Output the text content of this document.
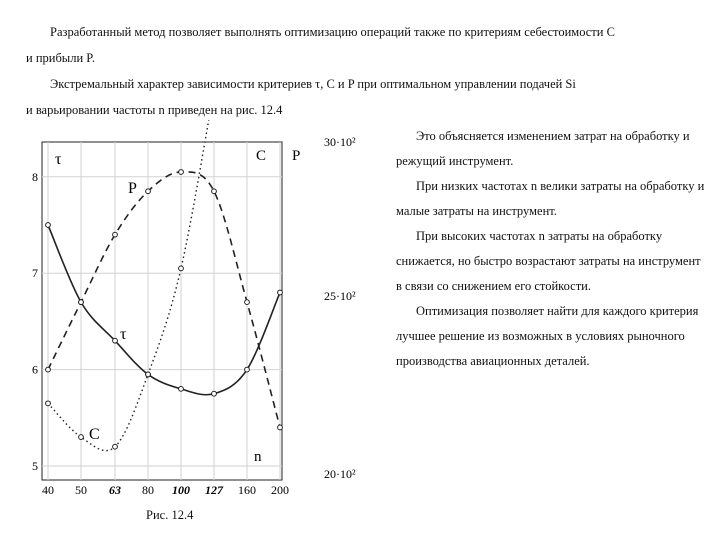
Разработанный метод позволяет выполнять оптимизацию операций также по критериям себестоимости C
и прибыли P.
Экстремальный характер зависимости критериев τ, C и P при оптимальном управлении подачей Si
и варьировании частоты n приведен на рис. 12.4
40 50 63 80 100 127 160 200
5
6
7
8
20·10²
25·10²
30·10²
C P
τ
n
τ
P
C
Рис. 12.4

Это объясняется изменением затрат на обработку и режущий инструмент.

При низких частотах n велики затраты на обработку и малые затраты на инструмент.

При высоких частотах n затраты на обработку снижается, но быстро возрастают затраты на инструмент в связи со снижением его стойкости.

Оптимизация позволяет найти для каждого критерия лучшее решение из возможных в условиях рыночного производства авиационных деталей.
